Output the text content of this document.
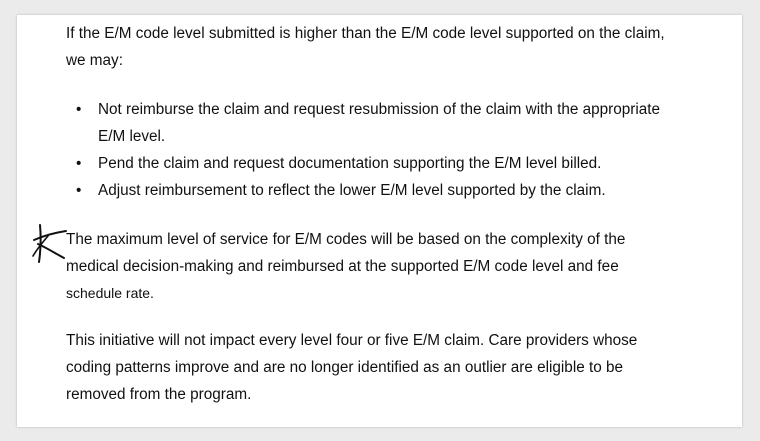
If the E/M code level submitted is higher than the E/M code level supported on the claim,
we may:

• Not reimburse the claim and request resubmission of the claim with the appropriate
E/M level.
• Pend the claim and request documentation supporting the E/M level billed.
• Adjust reimbursement to reflect the lower E/M level supported by the claim.

The maximum level of service for E/M codes will be based on the complexity of the
medical decision-making and reimbursed at the supported E/M code level and fee
schedule rate.

This initiative will not impact every level four or five E/M claim. Care providers whose
coding patterns improve and are no longer identified as an outlier are eligible to be
removed from the program.
